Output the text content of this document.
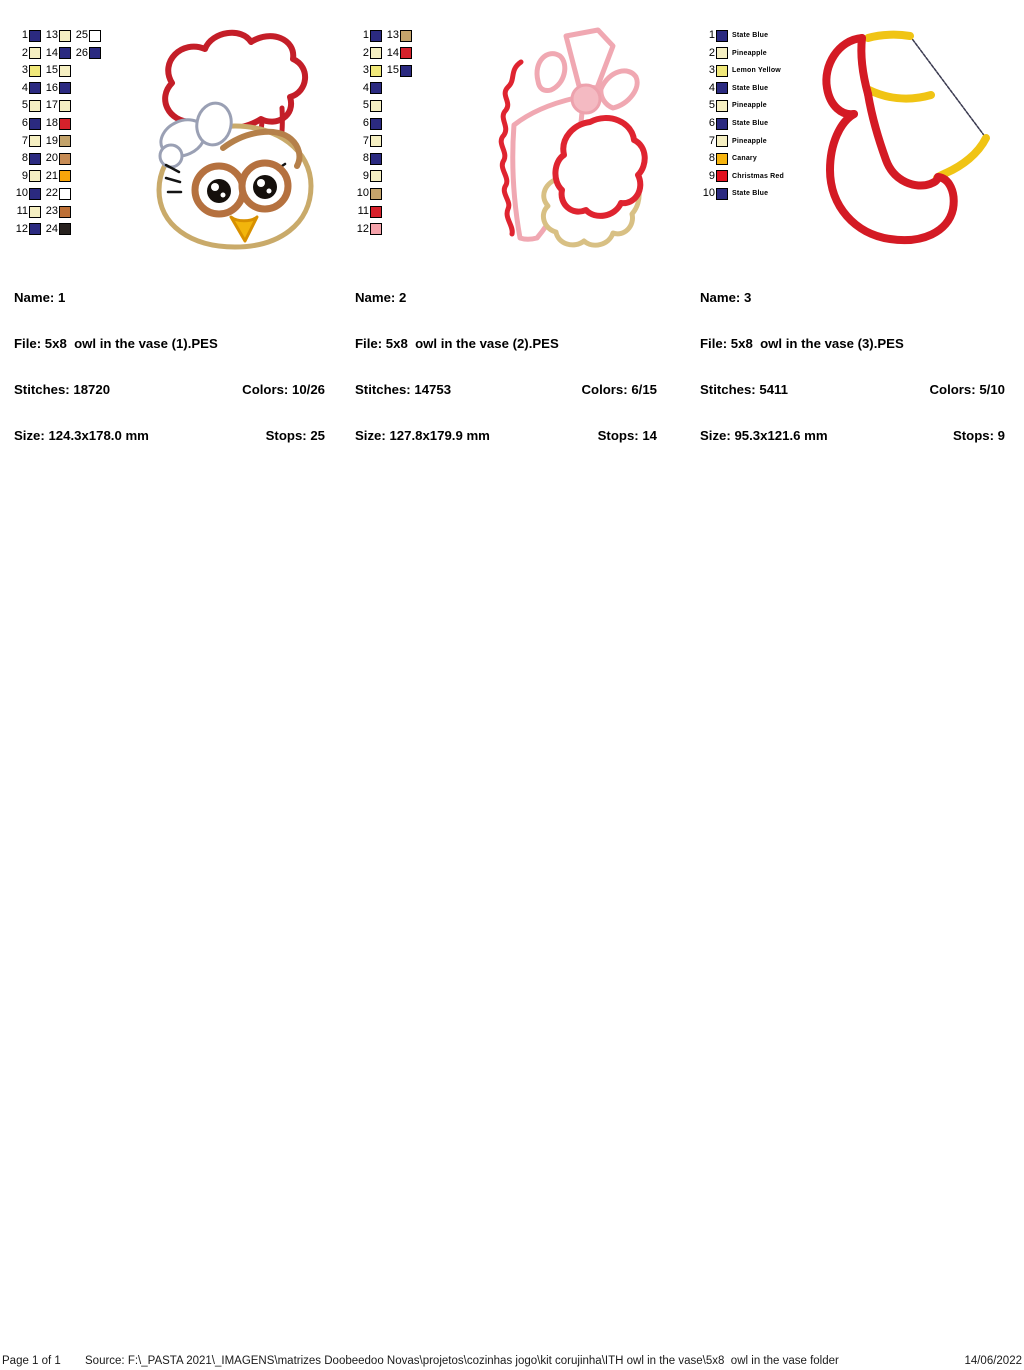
1
2
3
4
5
6
7
8
9
10
11
12
13
14
15
16
17
18
19
20
21
22
23
24
25
26

Name: 1

File: 5x8  owl in the vase (1).PES

Stitches: 18720	Colors: 10/26

Size: 124.3x178.0 mm	Stops: 25

1
2
3
4
5
6
7
8
9
10
11
12
13
14
15

Name: 2

File: 5x8  owl in the vase (2).PES

Stitches: 14753	Colors: 6/15

Size: 127.8x179.9 mm	Stops: 14

1 State Blue
2 Pineapple
3 Lemon Yellow
4 State Blue
5 Pineapple
6 State Blue
7 Pineapple
8 Canary
9 Christmas Red
10 State Blue

Name: 3

File: 5x8  owl in the vase (3).PES

Stitches: 5411	Colors: 5/10

Size: 95.3x121.6 mm	Stops: 9

Page 1 of 1

Source: F:\_PASTA 2021\_IMAGENS\matrizes Doobeedoo Novas\projetos\cozinhas jogo\kit corujinha\ITH owl in the vase\5x8  owl in the vase folder

	14/06/2022
